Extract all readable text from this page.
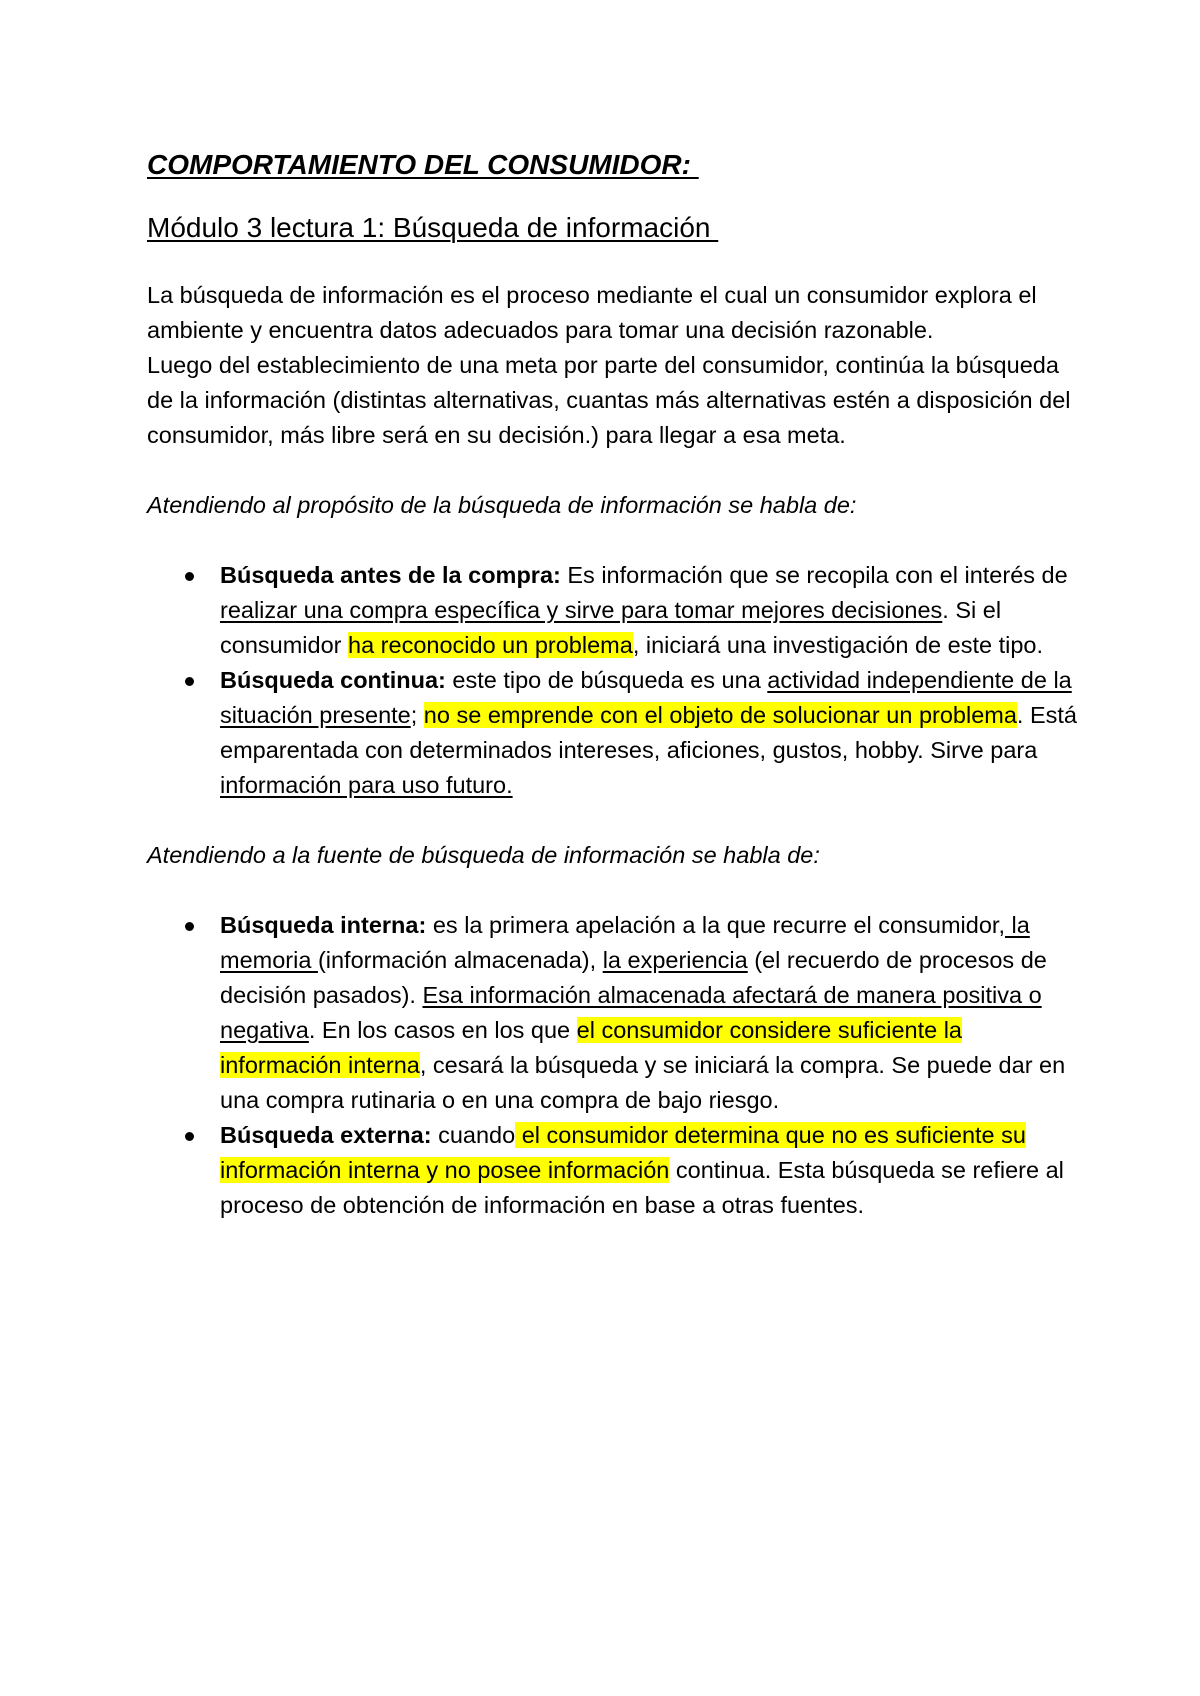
COMPORTAMIENTO DEL CONSUMIDOR:
Módulo 3 lectura 1: Búsqueda de información

La búsqueda de información es el proceso mediante el cual un consumidor explora el ambiente y encuentra datos adecuados para tomar una decisión razonable.

Luego del establecimiento de una meta por parte del consumidor, continúa la búsqueda de la información (distintas alternativas, cuantas más alternativas estén a disposición del consumidor, más libre será en su decisión.) para llegar a esa meta.

Atendiendo al propósito de la búsqueda de información se habla de:

Búsqueda antes de la compra: Es información que se recopila con el interés de realizar una compra específica y sirve para tomar mejores decisiones. Si el consumidor ha reconocido un problema, iniciará una investigación de este tipo.
Búsqueda continua: este tipo de búsqueda es una actividad independiente de la situación presente; no se emprende con el objeto de solucionar un problema. Está emparentada con determinados intereses, aficiones, gustos, hobby. Sirve para información para uso futuro.

Atendiendo a la fuente de búsqueda de información se habla de:

Búsqueda interna: es la primera apelación a la que recurre el consumidor, la memoria (información almacenada), la experiencia (el recuerdo de procesos de decisión pasados). Esa información almacenada afectará de manera positiva o negativa. En los casos en los que el consumidor considere suficiente la información interna, cesará la búsqueda y se iniciará la compra. Se puede dar en una compra rutinaria o en una compra de bajo riesgo.
Búsqueda externa: cuando el consumidor determina que no es suficiente su información interna y no posee información continua. Esta búsqueda se refiere al proceso de obtención de información en base a otras fuentes.
